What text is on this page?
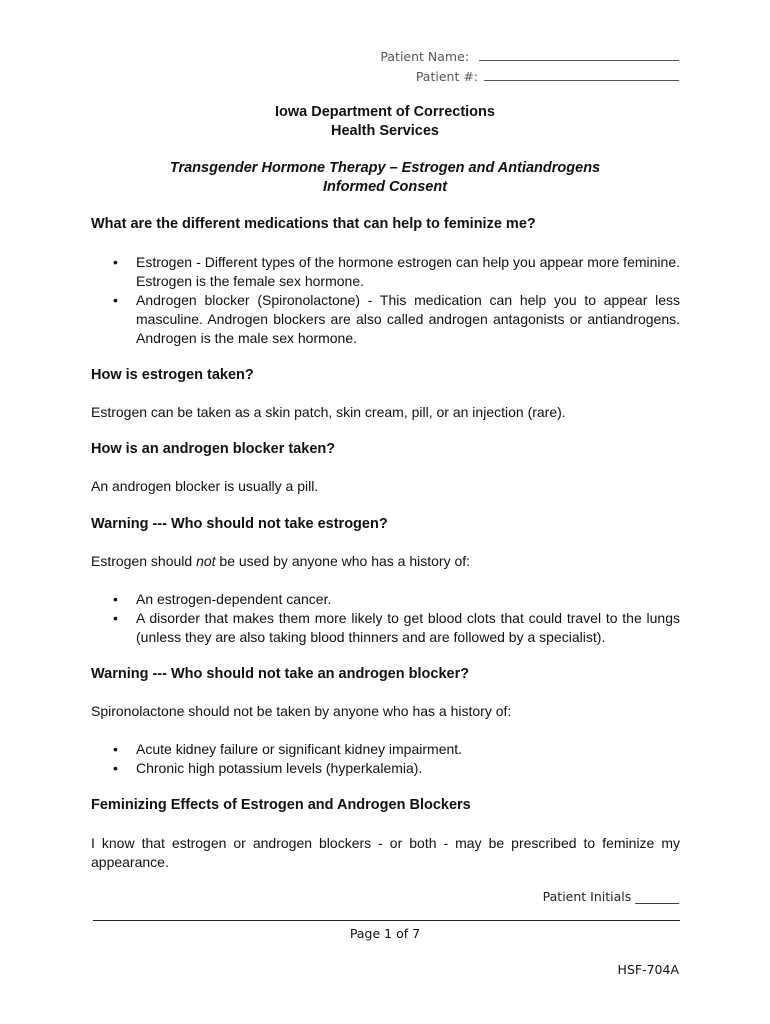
Patient Name:
Patient #:
Iowa Department of Corrections
Health Services
Transgender Hormone Therapy – Estrogen and Antiandrogens
Informed Consent
What are the different medications that can help to feminize me?
• Estrogen - Different types of the hormone estrogen can help you appear more feminine. Estrogen is the female sex hormone.
• Androgen blocker (Spironolactone) - This medication can help you to appear less masculine. Androgen blockers are also called androgen antagonists or antiandrogens. Androgen is the male sex hormone.
How is estrogen taken?
Estrogen can be taken as a skin patch, skin cream, pill, or an injection (rare).
How is an androgen blocker taken?
An androgen blocker is usually a pill.
Warning --- Who should not take estrogen?
Estrogen should not be used by anyone who has a history of:
• An estrogen-dependent cancer.
• A disorder that makes them more likely to get blood clots that could travel to the lungs (unless they are also taking blood thinners and are followed by a specialist).
Warning --- Who should not take an androgen blocker?
Spironolactone should not be taken by anyone who has a history of:
• Acute kidney failure or significant kidney impairment.
• Chronic high potassium levels (hyperkalemia).
Feminizing Effects of Estrogen and Androgen Blockers
I know that estrogen or androgen blockers - or both - may be prescribed to feminize my appearance.
Patient Initials _______
Page 1 of 7
HSF-704A
